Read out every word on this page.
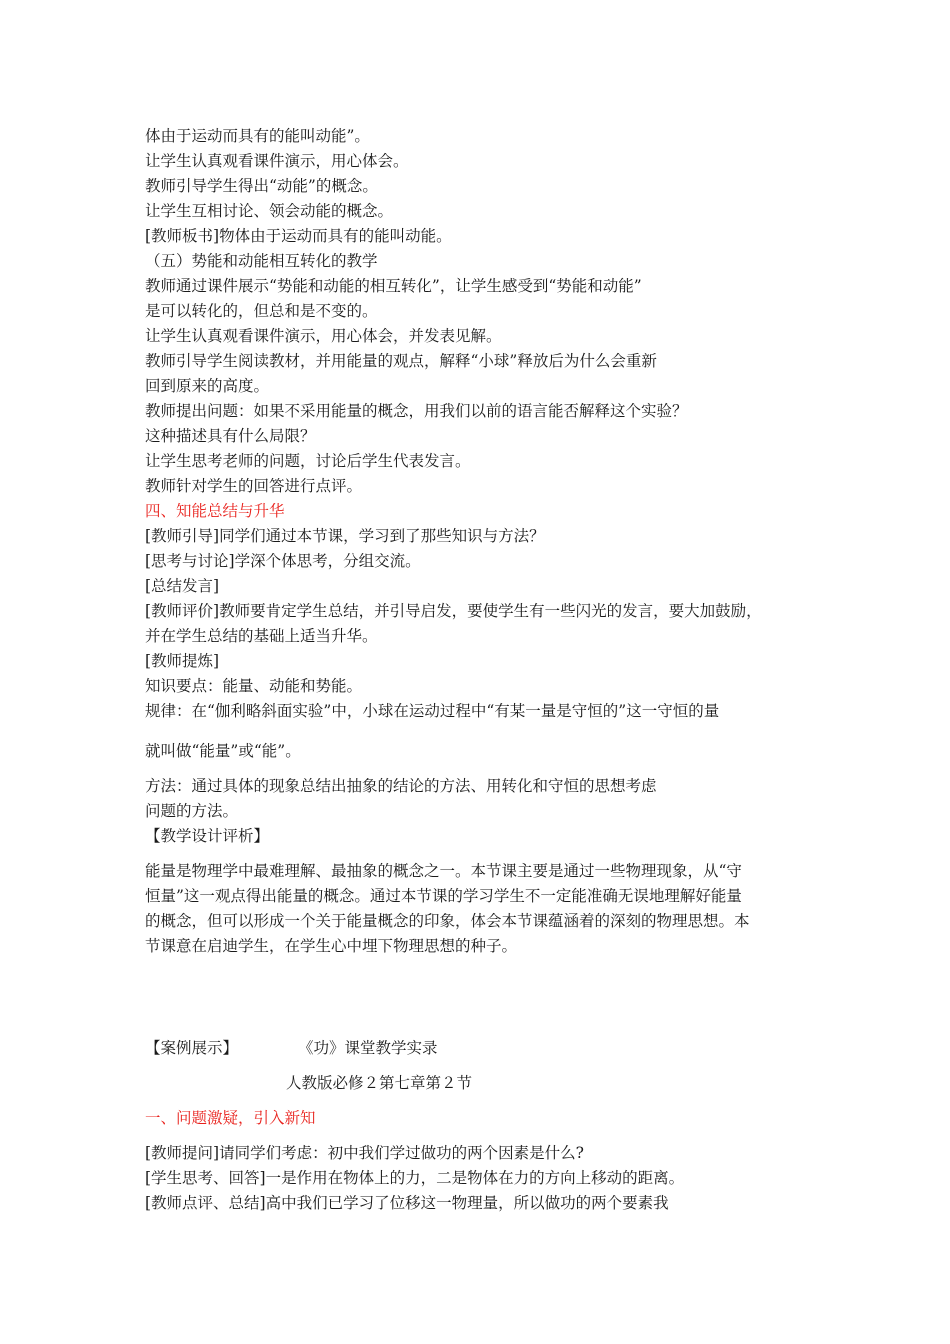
体由于运动而具有的能叫动能”。
让学生认真观看课件演示，用心体会。
教师引导学生得出“动能”的概念。
让学生互相讨论、领会动能的概念。
[教师板书]物体由于运动而具有的能叫动能。
（五）势能和动能相互转化的教学
教师通过课件展示“势能和动能的相互转化”，让学生感受到“势能和动能”
是可以转化的，但总和是不变的。
让学生认真观看课件演示，用心体会，并发表见解。
教师引导学生阅读教材，并用能量的观点，解释“小球”释放后为什么会重新
回到原来的高度。
教师提出问题：如果不采用能量的概念，用我们以前的语言能否解释这个实验？
这种描述具有什么局限？
让学生思考老师的问题，讨论后学生代表发言。
教师针对学生的回答进行点评。
四、知能总结与升华
[教师引导]同学们通过本节课，学习到了那些知识与方法？
[思考与讨论]学深个体思考，分组交流。
[总结发言]
[教师评价]教师要肯定学生总结，并引导启发，要使学生有一些闪光的发言，要大加鼓励，
并在学生总结的基础上适当升华。
[教师提炼]
知识要点：能量、动能和势能。
规律：在“伽利略斜面实验”中，小球在运动过程中“有某一量是守恒的”这一守恒的量
就叫做“能量”或“能”。
方法：通过具体的现象总结出抽象的结论的方法、用转化和守恒的思想考虑
问题的方法。
【教学设计评析】
能量是物理学中最难理解、最抽象的概念之一。本节课主要是通过一些物理现象，从“守
恒量”这一观点得出能量的概念。通过本节课的学习学生不一定能准确无误地理解好能量
的概念，但可以形成一个关于能量概念的印象，体会本节课蕴涵着的深刻的物理思想。本
节课意在启迪学生，在学生心中埋下物理思想的种子。
【案例展示】	《功》课堂教学实录
人教版必修２第七章第２节
一、问题激疑，引入新知
[教师提问]请同学们考虑：初中我们学过做功的两个因素是什么?
[学生思考、回答]一是作用在物体上的力，二是物体在力的方向上移动的距离。
[教师点评、总结]高中我们已学习了位移这一物理量，所以做功的两个要素我
